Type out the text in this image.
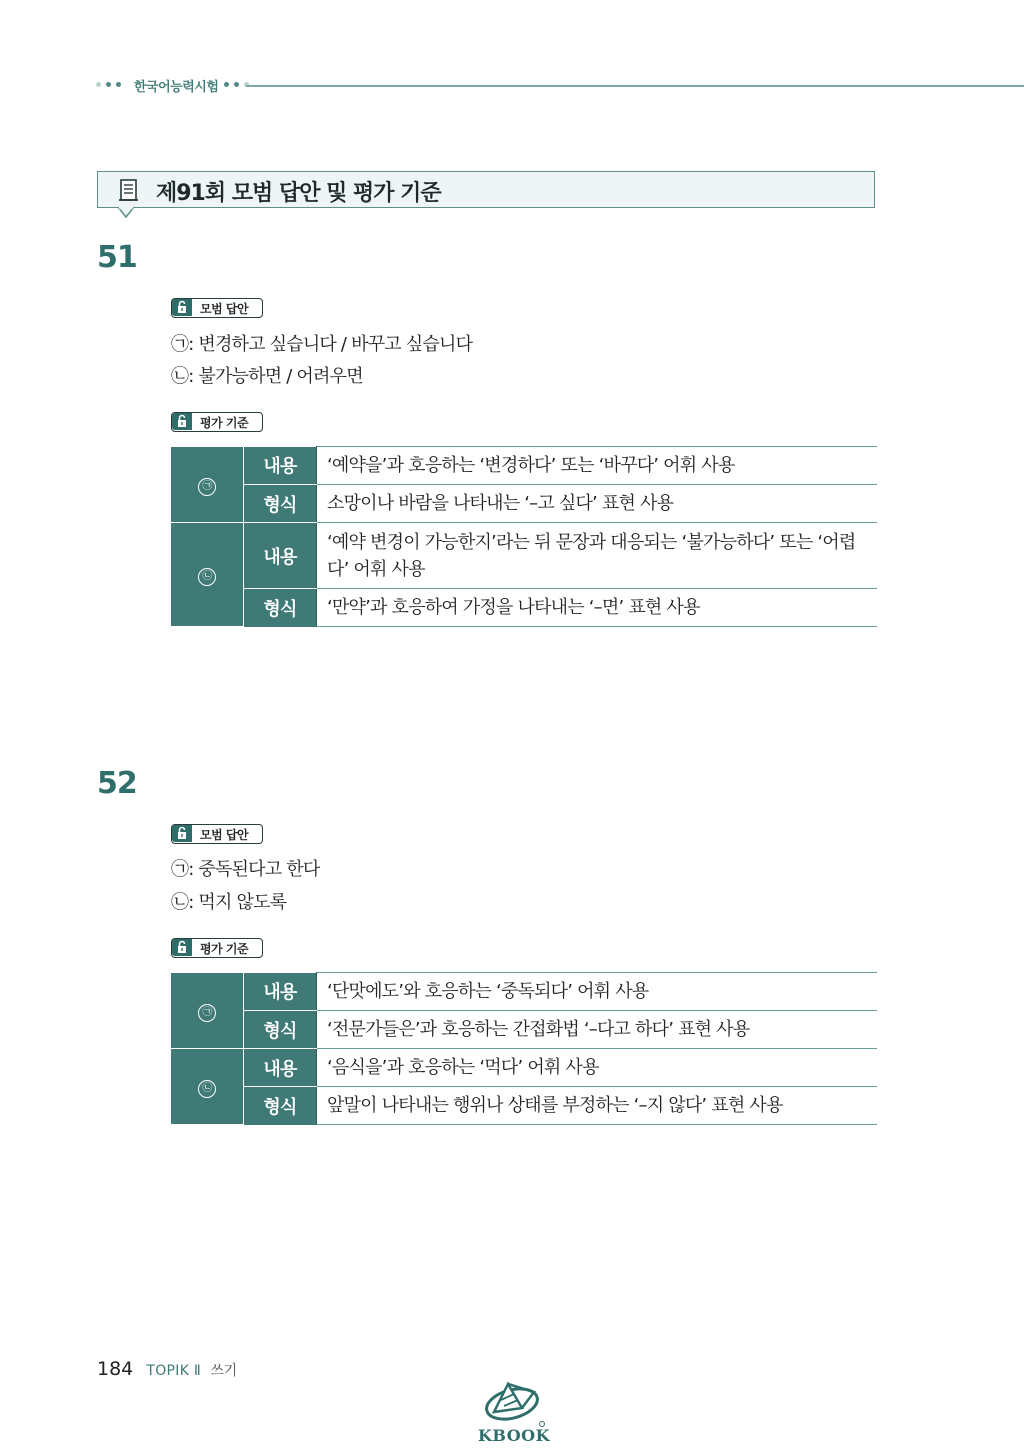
한국어능력시험
제91회 모범 답안 및 평가 기준
51
모범 답안
㉠: 변경하고 싶습니다 / 바꾸고 싶습니다
㉡: 불가능하면 / 어려우면
평가 기준
㉠	내용	‘예약을’과 호응하는 ‘변경하다’ 또는 ‘바꾸다’ 어휘 사용
	형식	소망이나 바람을 나타내는 ‘–고 싶다’ 표현 사용
㉡	내용	‘예약 변경이 가능한지’라는 뒤 문장과 대응되는 ‘불가능하다’ 또는 ‘어렵다’ 어휘 사용
	형식	‘만약’과 호응하여 가정을 나타내는 ‘–면’ 표현 사용
52
모범 답안
㉠: 중독된다고 한다
㉡: 먹지 않도록
평가 기준
㉠	내용	‘단맛에도’와 호응하는 ‘중독되다’ 어휘 사용
	형식	‘전문가들은’과 호응하는 간접화법 ‘–다고 하다’ 표현 사용
㉡	내용	‘음식을’과 호응하는 ‘먹다’ 어휘 사용
	형식	앞말이 나타내는 행위나 상태를 부정하는 ‘–지 않다’ 표현 사용
184 TOPIK Ⅱ 쓰기
KBOOK
